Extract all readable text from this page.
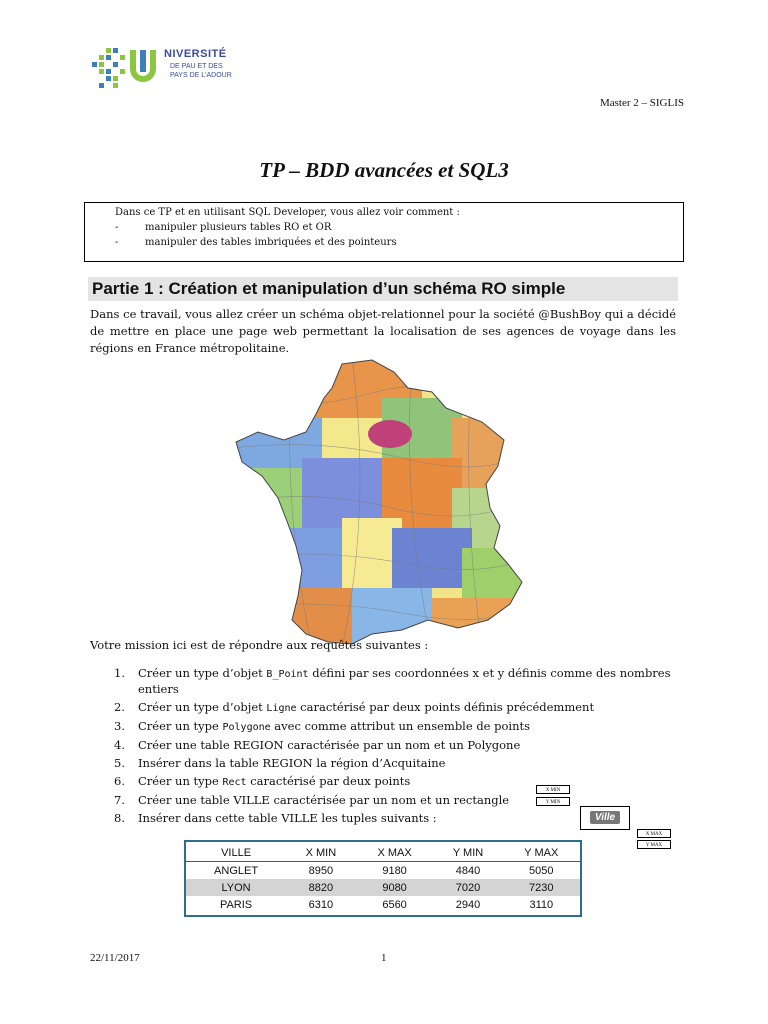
NIVERSITÉ
DE PAU ET DES
PAYS DE L'ADOUR
Master 2 – SIGLIS
TP – BDD avancées et SQL3
Dans ce TP et en utilisant SQL Developer, vous allez voir comment :
- manipuler plusieurs tables RO et OR
- manipuler des tables imbriquées et des pointeurs
Partie 1 : Création et manipulation d’un schéma RO simple
Dans ce travail, vous allez créer un schéma objet-relationnel pour la société @BushBoy qui a décidé de mettre en place une page web permettant la localisation de ses agences de voyage dans les régions en France métropolitaine.
Votre mission ici est de répondre aux requêtes suivantes :
1. Créer un type d’objet B_Point défini par ses coordonnées x et y définis comme des nombres entiers
2. Créer un type d’objet Ligne caractérisé par deux points définis précédemment
3. Créer un type Polygone avec comme attribut un ensemble de points
4. Créer une table REGION caractérisée par un nom et un Polygone
5. Insérer dans la table REGION la région d’Acquitaine
6. Créer un type Rect caractérisé par deux points
7. Créer une table VILLE caractérisée par un nom et un rectangle
8. Insérer dans cette table VILLE les tuples suivants :
X MIN
Y MIN
Ville
X MAX
Y MAX
VILLE	X MIN	X MAX	Y MIN	Y MAX
ANGLET	8950	9180	4840	5050
LYON	8820	9080	7020	7230
PARIS	6310	6560	2940	3110
22/11/2017	1
